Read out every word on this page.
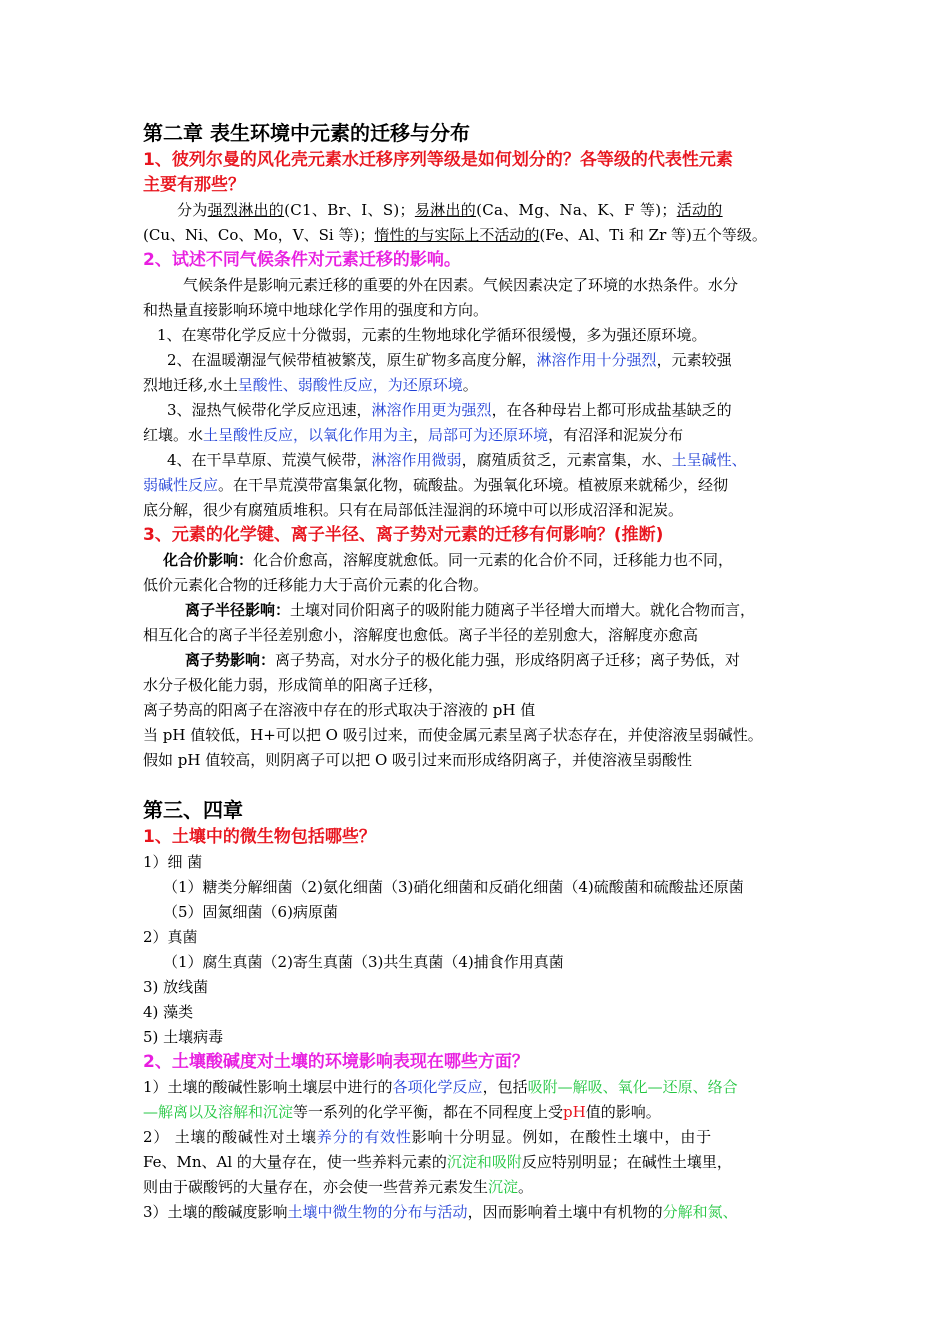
第二章 表生环境中元素的迁移与分布
1、彼列尔曼的风化壳元素水迁移序列等级是如何划分的？各等级的代表性元素
主要有那些？
分为强烈淋出的(C1、Br、I、S)；易淋出的(Ca、Mg、Na、K、F 等)；活动的
(Cu、Ni、Co、Mo，V、Si 等)；惰性的与实际上不活动的(Fe、Al、Ti 和 Zr 等)五个等级。
2、试述不同气候条件对元素迁移的影响。
气候条件是影响元素迁移的重要的外在因素。气候因素决定了环境的水热条件。水分
和热量直接影响环境中地球化学作用的强度和方向。
1、在寒带化学反应十分微弱，元素的生物地球化学循环很缓慢，多为强还原环境。
2、在温暖潮湿气候带植被繁茂，原生矿物多高度分解，淋溶作用十分强烈，元素较强
烈地迁移,水土呈酸性、弱酸性反应，为还原环境。
3、湿热气候带化学反应迅速，淋溶作用更为强烈，在各种母岩上都可形成盐基缺乏的
红壤。水土呈酸性反应，以氧化作用为主，局部可为还原环境，有沼泽和泥炭分布
4、在干旱草原、荒漠气候带，淋溶作用微弱，腐殖质贫乏，元素富集，水、土呈碱性、
弱碱性反应。在干旱荒漠带富集氯化物，硫酸盐。为强氧化环境。植被原来就稀少，经彻
底分解，很少有腐殖质堆积。只有在局部低洼湿润的环境中可以形成沼泽和泥炭。
3、元素的化学键、离子半径、离子势对元素的迁移有何影响？(推断)
化合价影响：化合价愈高，溶解度就愈低。同一元素的化合价不同，迁移能力也不同，
低价元素化合物的迁移能力大于高价元素的化合物。
离子半径影响：土壤对同价阳离子的吸附能力随离子半径增大而增大。就化合物而言，
相互化合的离子半径差别愈小，溶解度也愈低。离子半径的差别愈大，溶解度亦愈高
离子势影响：离子势高，对水分子的极化能力强，形成络阴离子迁移；离子势低，对
水分子极化能力弱，形成简单的阳离子迁移，
离子势高的阳离子在溶液中存在的形式取决于溶液的 pH 值
当 pH 值较低，H+可以把 O 吸引过来，而使金属元素呈离子状态存在，并使溶液呈弱碱性。
假如 pH 值较高，则阴离子可以把 O 吸引过来而形成络阴离子，并使溶液呈弱酸性
第三、四章
1、土壤中的微生物包括哪些？
1）细 菌
（1）糖类分解细菌（2)氨化细菌（3)硝化细菌和反硝化细菌（4)硫酸菌和硫酸盐还原菌
（5）固氮细菌（6)病原菌
2）真菌
（1）腐生真菌（2)寄生真菌（3)共生真菌（4)捕食作用真菌
3) 放线菌
4) 藻类
5) 土壤病毒
2、土壤酸碱度对土壤的环境影响表现在哪些方面？
1）土壤的酸碱性影响土壤层中进行的各项化学反应，包括吸附—解吸、氧化—还原、络合
—解离以及溶解和沉淀等一系列的化学平衡，都在不同程度上受pH值的影响。
2） 土壤的酸碱性对土壤养分的有效性影响十分明显。例如，在酸性土壤中，由于
Fe、Mn、Al 的大量存在，使一些养料元素的沉淀和吸附反应特别明显；在碱性土壤里，
则由于碳酸钙的大量存在，亦会使一些营养元素发生沉淀。
3）土壤的酸碱度影响土壤中微生物的分布与活动，因而影响着土壤中有机物的分解和氮、
